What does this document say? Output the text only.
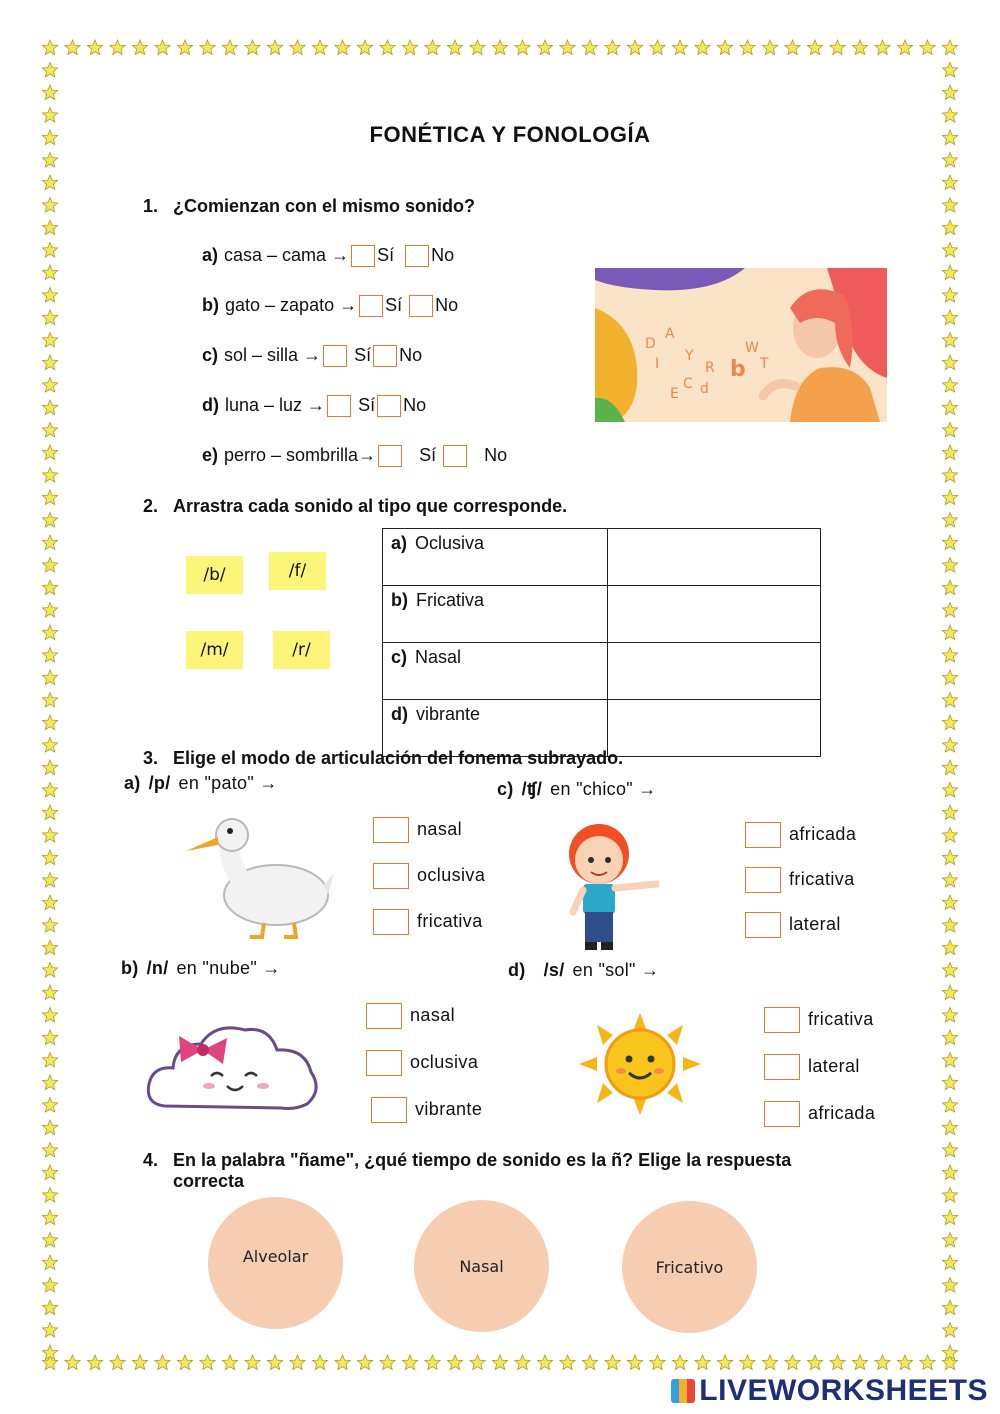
FONÉTICA Y FONOLOGÍA
1. ¿Comienzan con el mismo sonido?
a) casa – cama → Sí No
b) gato – zapato → Sí No
c) sol – silla → Sí No
d) luna – luz → Sí No
e) perro – sombrilla→ Sí	No
D
A
Y
R b
W
C
I	T
d
E
2. Arrastra cada sonido al tipo que corresponde.
/b/	/f/
/m/	/r/
a) Oclusiva	
b) Fricativa	
c) Nasal	
d) vibrante	
3. Elige el modo de articulación del fonema subrayado.
a) /p/ en "pato" →
nasal
oclusiva
fricativa
c) /ʧ/ en "chico" →
africada
fricativa
lateral
b) /n/ en "nube" →
nasal
oclusiva
vibrante
d) /s/ en "sol" →
fricativa
lateral
africada
4. En la palabra "ñame", ¿qué tiempo de sonido es la ñ? Elige la respuesta
correcta
Alveolar
Nasal	Fricativo
LIVEWORKSHEETS
